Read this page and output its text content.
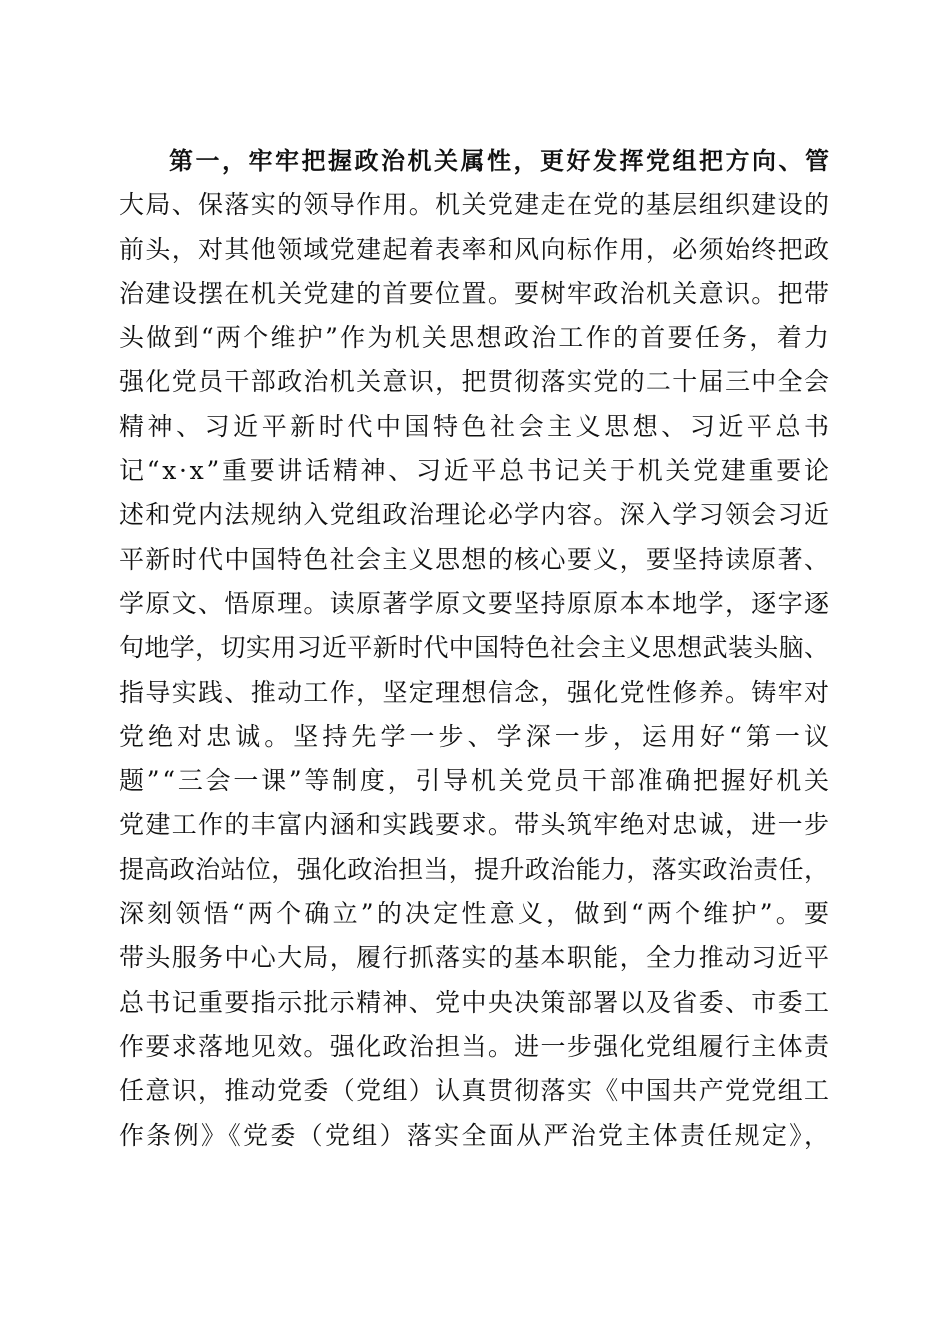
第一，牢牢把握政治机关属性，更好发挥党组把方向、管
大局、保落实的领导作用。机关党建走在党的基层组织建设的
前头，对其他领域党建起着表率和风向标作用，必须始终把政
治建设摆在机关党建的首要位置。要树牢政治机关意识。把带
头做到“两个维护”作为机关思想政治工作的首要任务，着力
强化党员干部政治机关意识，把贯彻落实党的二十届三中全会
精神、习近平新时代中国特色社会主义思想、习近平总书
记“x·x”重要讲话精神、习近平总书记关于机关党建重要论
述和党内法规纳入党组政治理论必学内容。深入学习领会习近
平新时代中国特色社会主义思想的核心要义，要坚持读原著、
学原文、悟原理。读原著学原文要坚持原原本本地学，逐字逐
句地学，切实用习近平新时代中国特色社会主义思想武装头脑、
指导实践、推动工作，坚定理想信念，强化党性修养。铸牢对
党绝对忠诚。坚持先学一步、学深一步，运用好“第一议
题”“三会一课”等制度，引导机关党员干部准确把握好机关
党建工作的丰富内涵和实践要求。带头筑牢绝对忠诚，进一步
提高政治站位，强化政治担当，提升政治能力，落实政治责任，
深刻领悟“两个确立”的决定性意义，做到“两个维护”。要
带头服务中心大局，履行抓落实的基本职能，全力推动习近平
总书记重要指示批示精神、党中央决策部署以及省委、市委工
作要求落地见效。强化政治担当。进一步强化党组履行主体责
任意识，推动党委（党组）认真贯彻落实《中国共产党党组工
作条例》《党委（党组）落实全面从严治党主体责任规定》，
